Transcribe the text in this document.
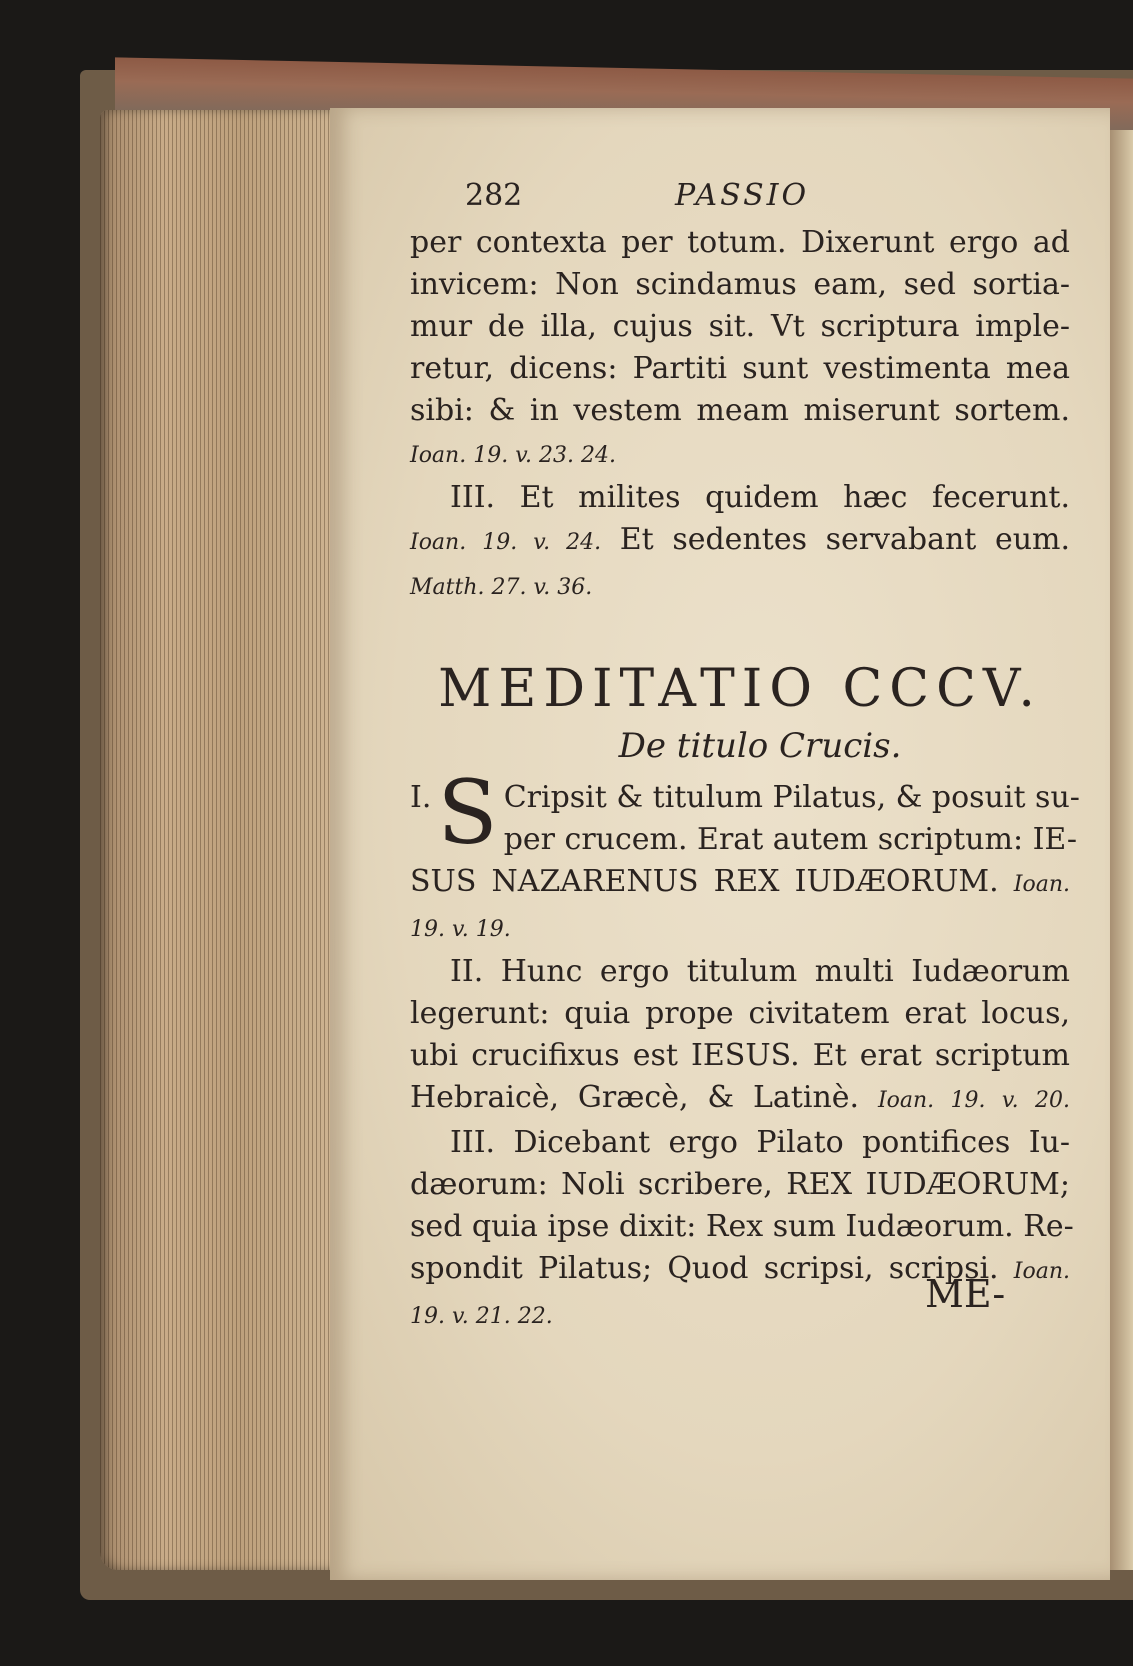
282	PASSIO
per contexta per totum. Dixerunt ergo ad
invicem: Non scindamus eam, sed sortia-
mur de illa, cujus sit. Vt scriptura imple-
retur, dicens: Partiti sunt vestimenta mea
sibi: & in vestem meam miserunt sortem.
Ioan. 19. v. 23. 24.
III. Et milites quidem hæc fecerunt.
Ioan. 19. v. 24. Et sedentes servabant eum.
Matth. 27. v. 36.
MEDITATIO CCCV.
De titulo Crucis.
I. S Cripsit & titulum Pilatus, & posuit su-
per crucem. Erat autem scriptum: IE-
SUS NAZARENUS REX IUDÆORUM. Ioan.
19. v. 19.
II. Hunc ergo titulum multi Iudæorum
legerunt: quia prope civitatem erat locus,
ubi crucifixus est IESUS. Et erat scriptum
Hebraicè, Græcè, & Latinè. Ioan. 19. v. 20.
III. Dicebant ergo Pilato pontifices Iu-
dæorum: Noli scribere, REX IUDÆORUM;
sed quia ipse dixit: Rex sum Iudæorum. Re-
spondit Pilatus; Quod scripsi, scripsi. Ioan.
19. v. 21. 22.
ME-
